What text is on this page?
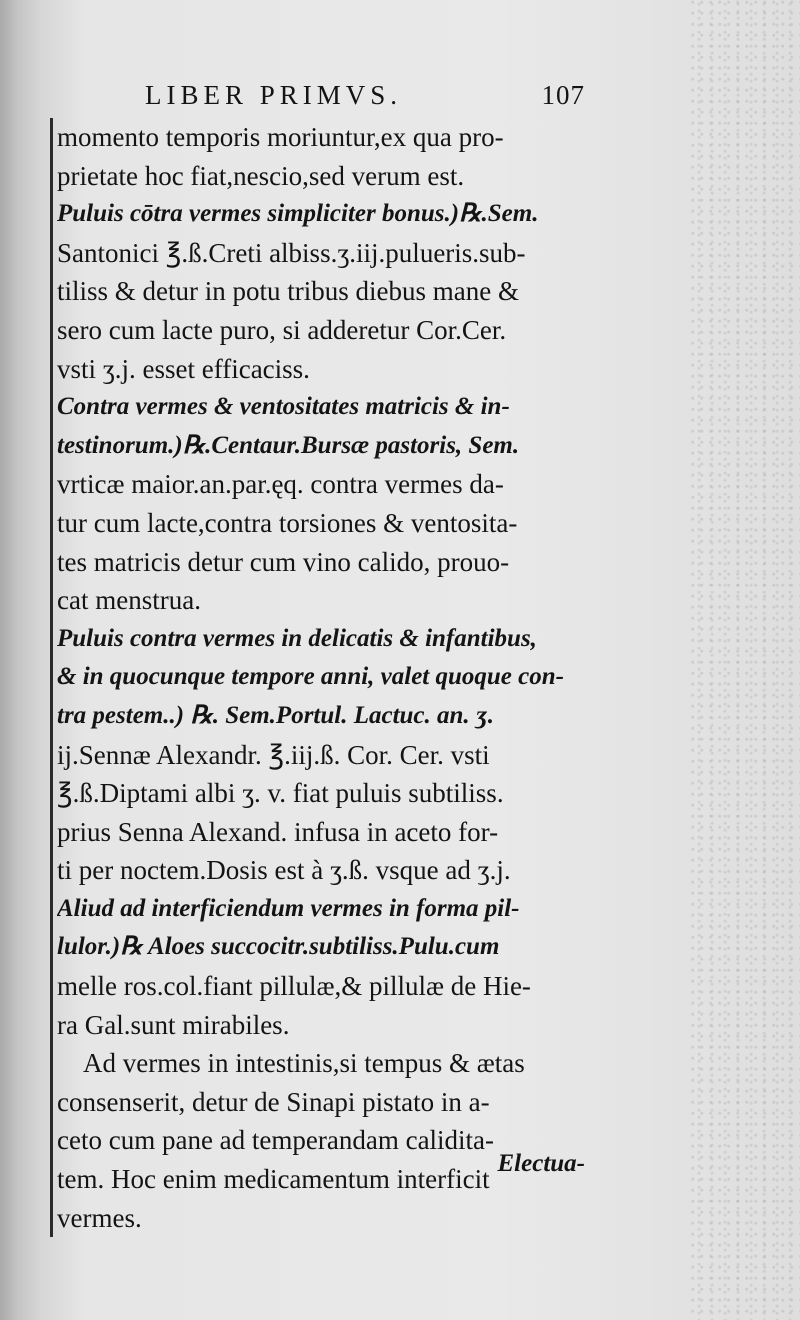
LIBER PRIMVS.	107
momento temporis moriuntur,ex qua pro-
prietate hoc fiat,nescio,sed verum est.
Puluis cōtra vermes simpliciter bonus.)℞.Sem.
Santonici ℥.ß.Creti albiss.ʒ.iij.pulueris.sub-
tiliss & detur in potu tribus diebus mane &
sero cum lacte puro, si adderetur Cor.Cer.
vsti ʒ.j. esset efficaciss.
Contra vermes & ventositates matricis & in-
testinorum.)℞.Centaur.Bursæ pastoris, Sem.
vrticæ maior.an.par.ęq. contra vermes da-
tur cum lacte,contra torsiones & ventosita-
tes matricis detur cum vino calido, prouo-
cat menstrua.
Puluis contra vermes in delicatis & infantibus,
& in quocunque tempore anni, valet quoque con-
tra pestem..) ℞. Sem.Portul. Lactuc. an. ʒ.
ij.Sennæ Alexandr. ℥.iij.ß. Cor. Cer. vsti
℥.ß.Diptami albi ʒ. v. fiat puluis subtiliss.
prius Senna Alexand. infusa in aceto for-
ti per noctem.Dosis est à ʒ.ß. vsque ad ʒ.j.
Aliud ad interficiendum vermes in forma pil-
lulor.)℞ Aloes succocitr.subtiliss.Pulu.cum
melle ros.col.fiant pillulæ,& pillulæ de Hie-
ra Gal.sunt mirabiles.
Ad vermes in intestinis,si tempus & ætas
consenserit, detur de Sinapi pistato in a-
ceto cum pane ad temperandam calidita-
tem. Hoc enim medicamentum interficit
vermes.
Electua-
